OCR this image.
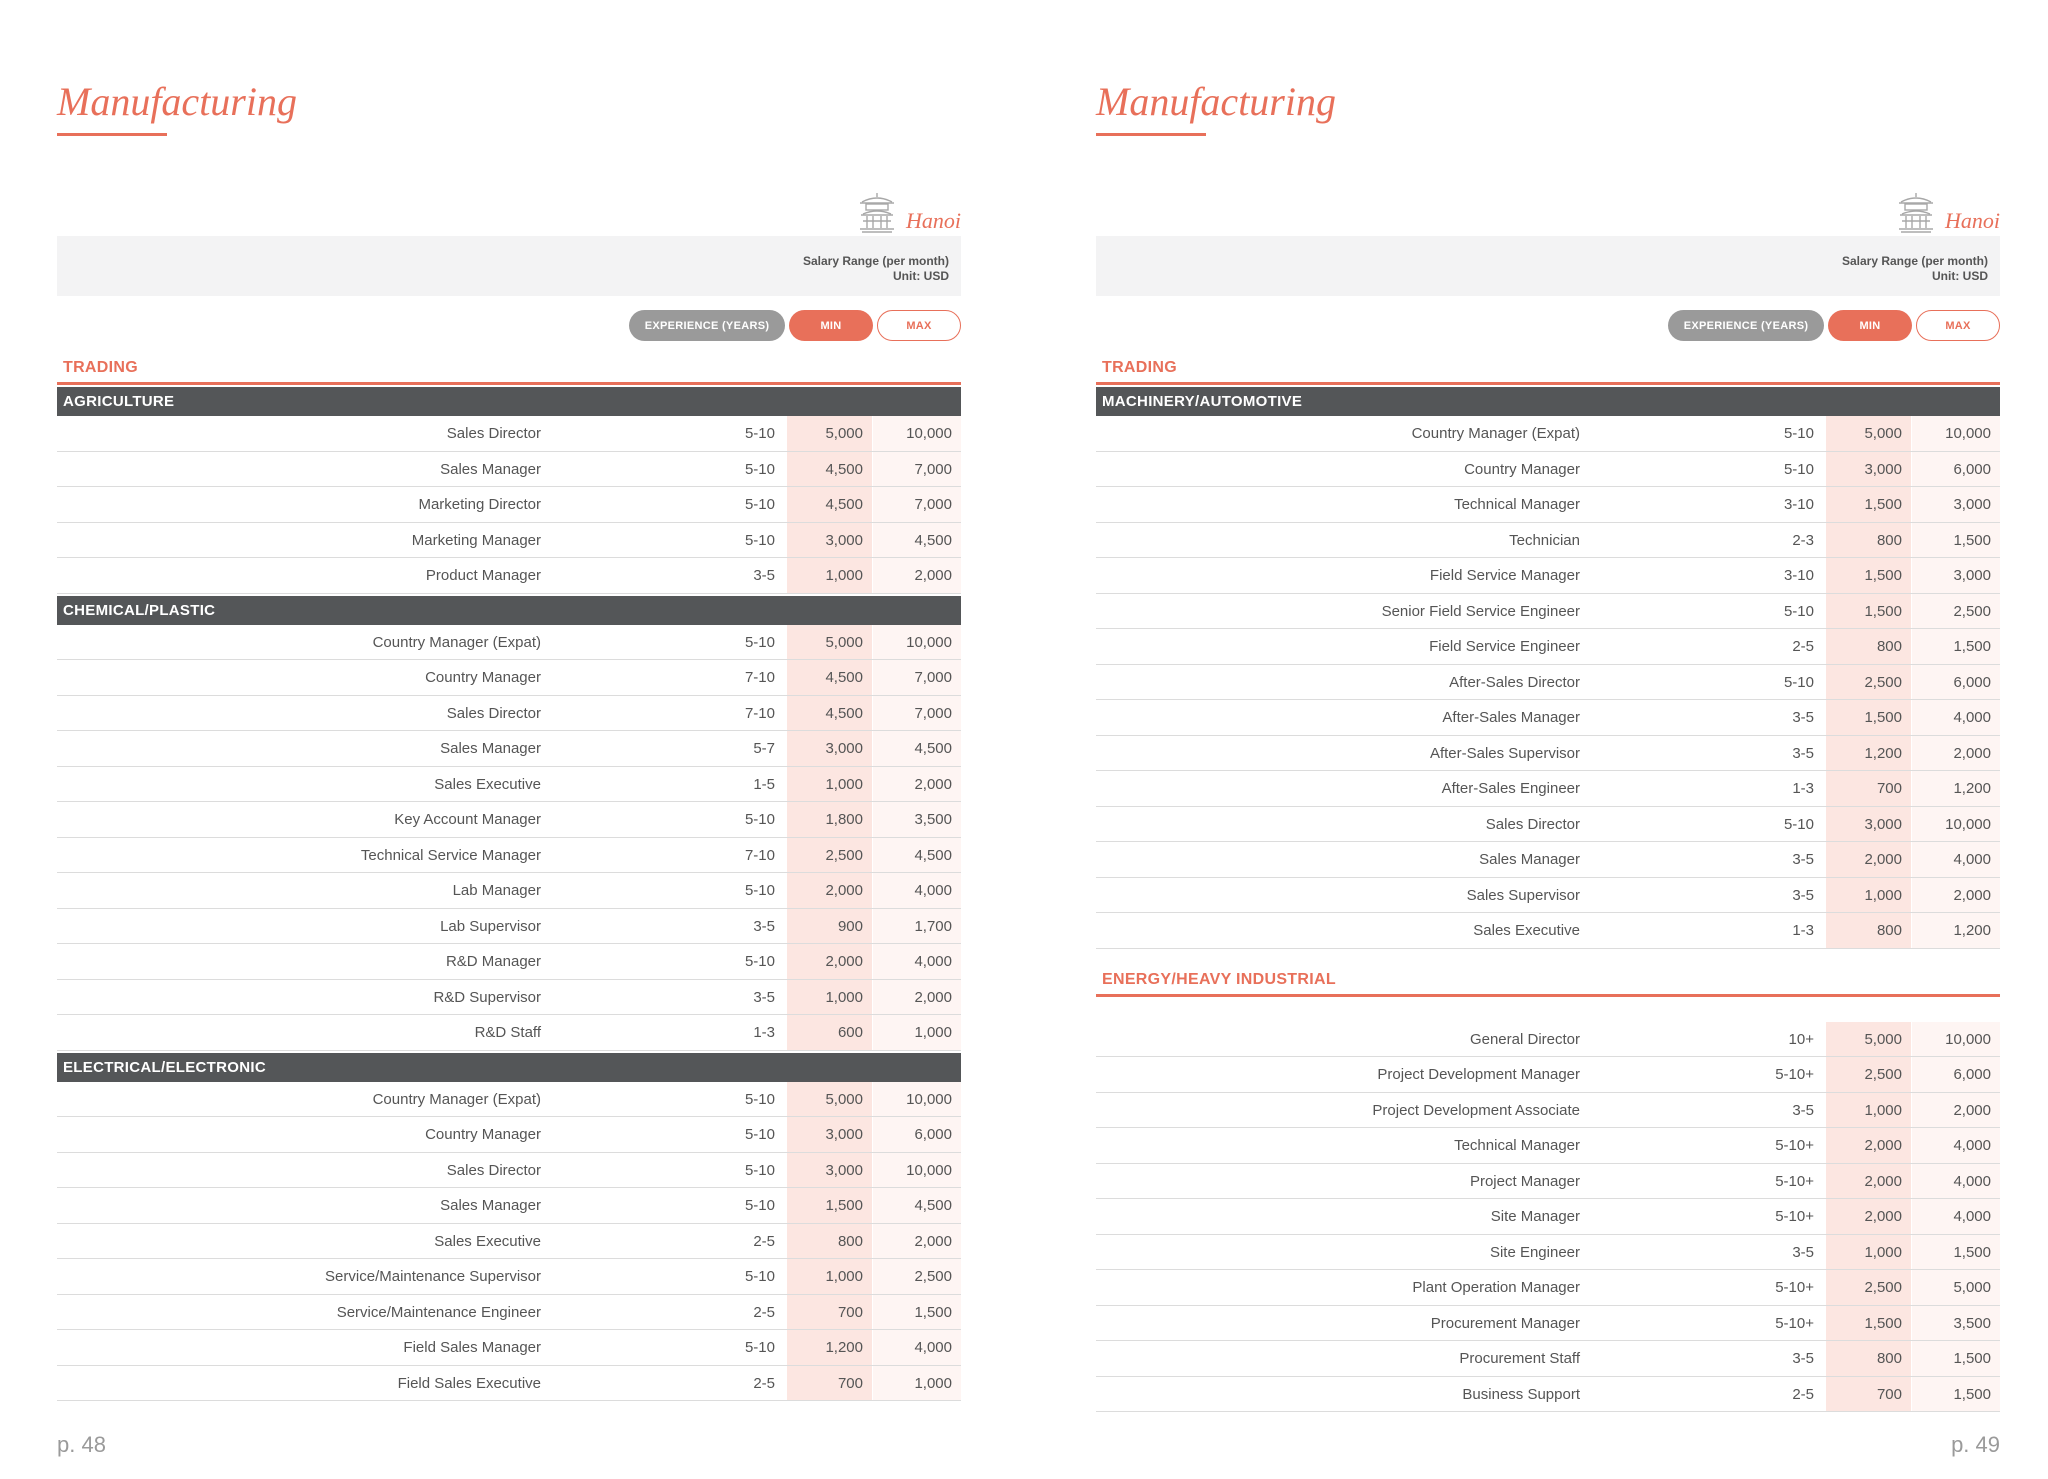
Manufacturing
Hanoi
Salary Range (per month)
Unit: USD
EXPERIENCE (YEARS)	MIN	MAX
TRADING
AGRICULTURE
Sales Director	5-10	5,000	10,000
Sales Manager	5-10	4,500	7,000
Marketing Director	5-10	4,500	7,000
Marketing Manager	5-10	3,000	4,500
Product Manager	3-5	1,000	2,000
CHEMICAL/PLASTIC
Country Manager (Expat)	5-10	5,000	10,000
Country Manager	7-10	4,500	7,000
Sales Director	7-10	4,500	7,000
Sales Manager	5-7	3,000	4,500
Sales Executive	1-5	1,000	2,000
Key Account Manager	5-10	1,800	3,500
Technical Service Manager	7-10	2,500	4,500
Lab Manager	5-10	2,000	4,000
Lab Supervisor	3-5	900	1,700
R&D Manager	5-10	2,000	4,000
R&D Supervisor	3-5	1,000	2,000
R&D Staff	1-3	600	1,000
ELECTRICAL/ELECTRONIC
Country Manager (Expat)	5-10	5,000	10,000
Country Manager	5-10	3,000	6,000
Sales Director	5-10	3,000	10,000
Sales Manager	5-10	1,500	4,500
Sales Executive	2-5	800	2,000
Service/Maintenance Supervisor	5-10	1,000	2,500
Service/Maintenance Engineer	2-5	700	1,500
Field Sales Manager	5-10	1,200	4,000
Field Sales Executive	2-5	700	1,000
p. 48
Manufacturing
Hanoi
Salary Range (per month)
Unit: USD
EXPERIENCE (YEARS)	MIN	MAX
TRADING
MACHINERY/AUTOMOTIVE
Country Manager (Expat)	5-10	5,000	10,000
Country Manager	5-10	3,000	6,000
Technical Manager	3-10	1,500	3,000
Technician	2-3	800	1,500
Field Service Manager	3-10	1,500	3,000
Senior Field Service Engineer	5-10	1,500	2,500
Field Service Engineer	2-5	800	1,500
After-Sales Director	5-10	2,500	6,000
After-Sales Manager	3-5	1,500	4,000
After-Sales Supervisor	3-5	1,200	2,000
After-Sales Engineer	1-3	700	1,200
Sales Director	5-10	3,000	10,000
Sales Manager	3-5	2,000	4,000
Sales Supervisor	3-5	1,000	2,000
Sales Executive	1-3	800	1,200
ENERGY/HEAVY INDUSTRIAL
General Director	10+	5,000	10,000
Project Development Manager	5-10+	2,500	6,000
Project Development Associate	3-5	1,000	2,000
Technical Manager	5-10+	2,000	4,000
Project Manager	5-10+	2,000	4,000
Site Manager	5-10+	2,000	4,000
Site Engineer	3-5	1,000	1,500
Plant Operation Manager	5-10+	2,500	5,000
Procurement Manager	5-10+	1,500	3,500
Procurement Staff	3-5	800	1,500
Business Support	2-5	700	1,500
p. 49
